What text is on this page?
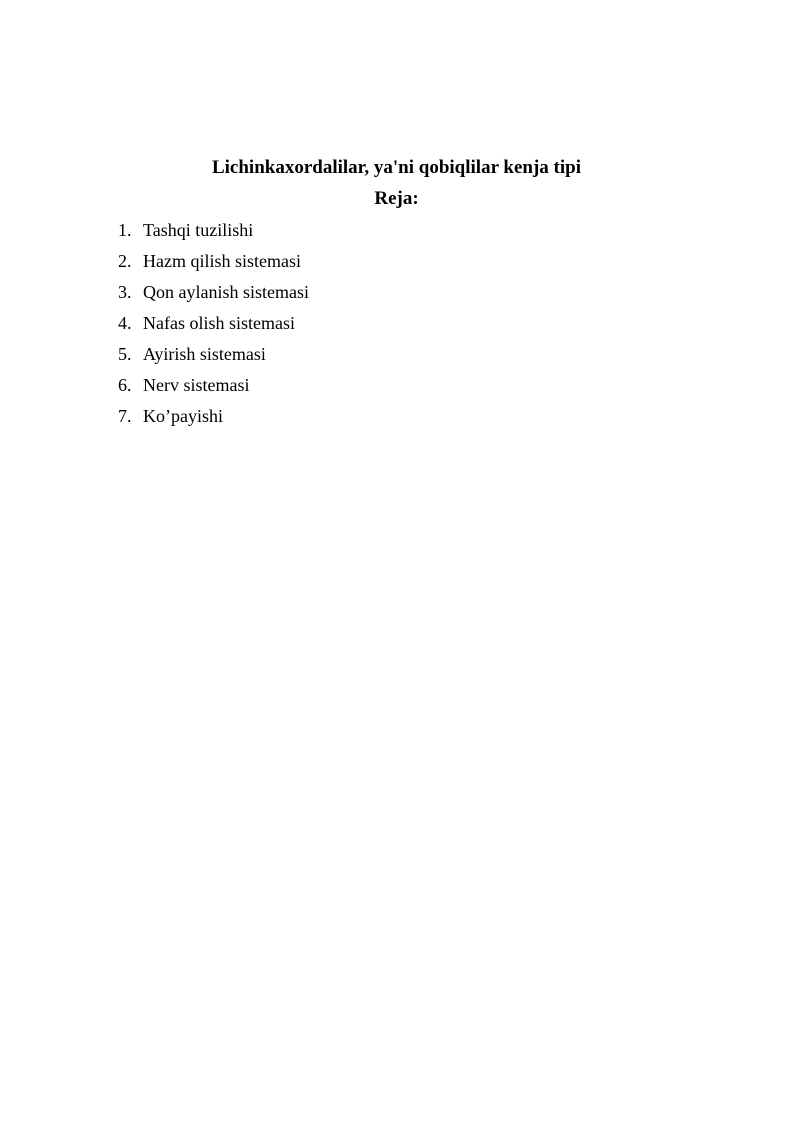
Lichinkaxordalilar, ya'ni qobiqlilar kenja tipi
Reja:
1. Tashqi tuzilishi
2. Hazm qilish sistemasi
3. Qon aylanish sistemasi
4. Nafas olish sistemasi
5. Ayirish sistemasi
6. Nerv sistemasi
7. Ko’payishi
